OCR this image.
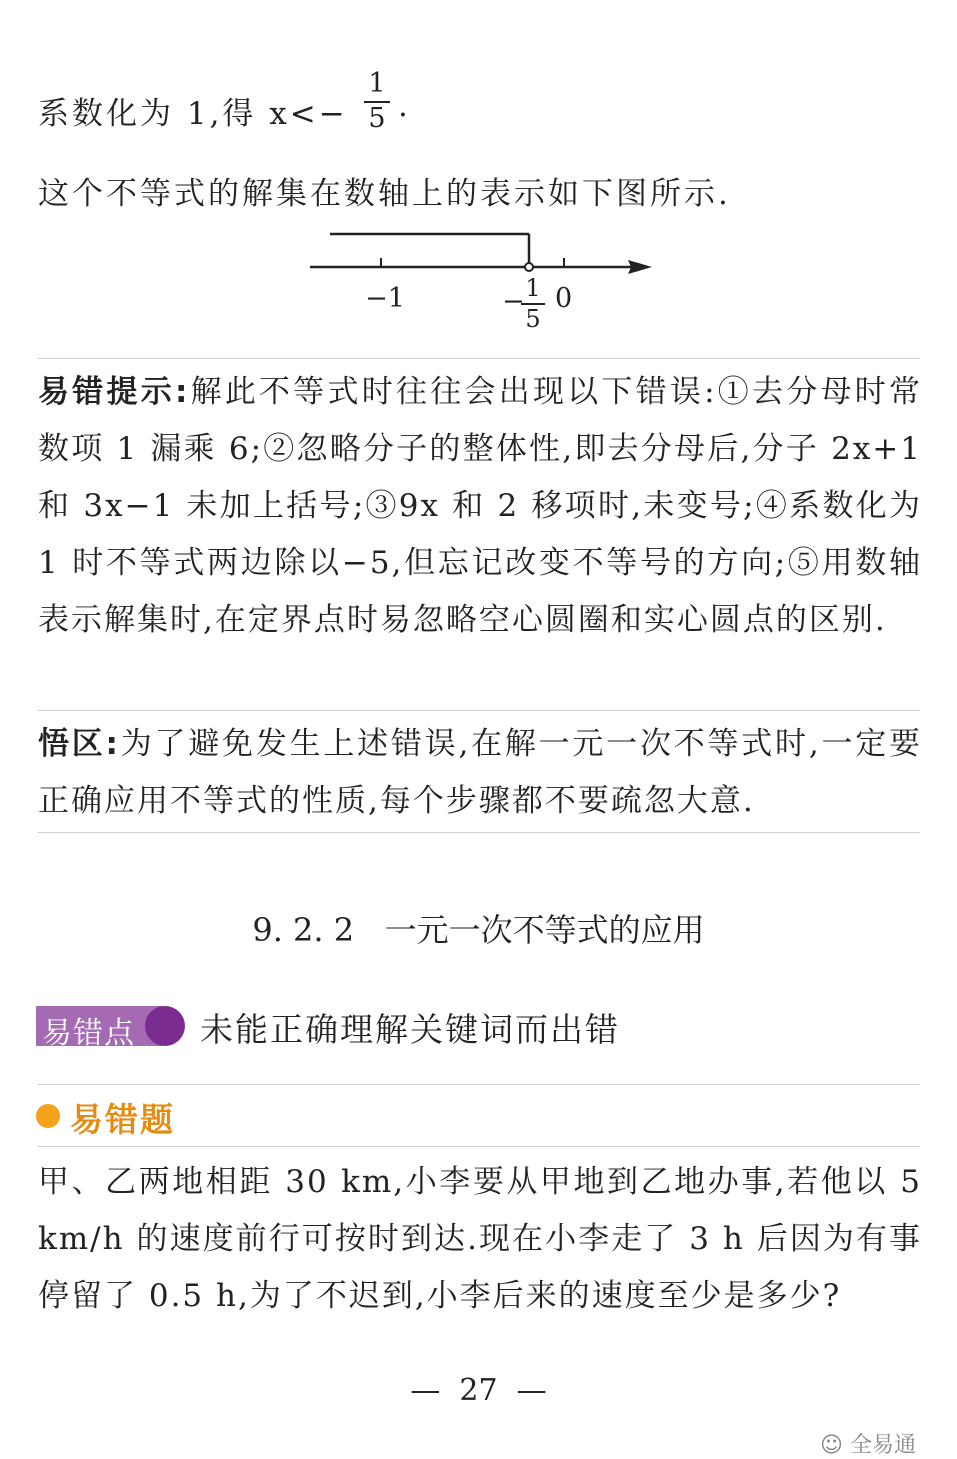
系数化为 1,得 x<−
1
5 .
这个不等式的解集在数轴上的表示如下图所示.
−1	− 1
5
0

易错提示:解此不等式时往往会出现以下错误:①去分母时常数项 1 漏乘 6;②忽略分子的整体性,即去分母后,分子 2x+1 和 3x−1 未加上括号;③9x 和 2 移项时,未变号;④系数化为 1 时不等式两边除以−5,但忘记改变不等号的方向;⑤用数轴表示解集时,在定界点时易忽略空心圆圈和实心圆点的区别.

悟区:为了避免发生上述错误,在解一元一次不等式时,一定要正确应用不等式的性质,每个步骤都不要疏忽大意.

9. 2. 2   一元一次不等式的应用
易错点 未能正确理解关键词而出错
易错题

甲、乙两地相距 30 km,小李要从甲地到乙地办事,若他以 5 km/h 的速度前行可按时到达.现在小李走了 3 h 后因为有事停留了 0.5 h,为了不迟到,小李后来的速度至少是多少?

—  27  —
☺ 全易通
